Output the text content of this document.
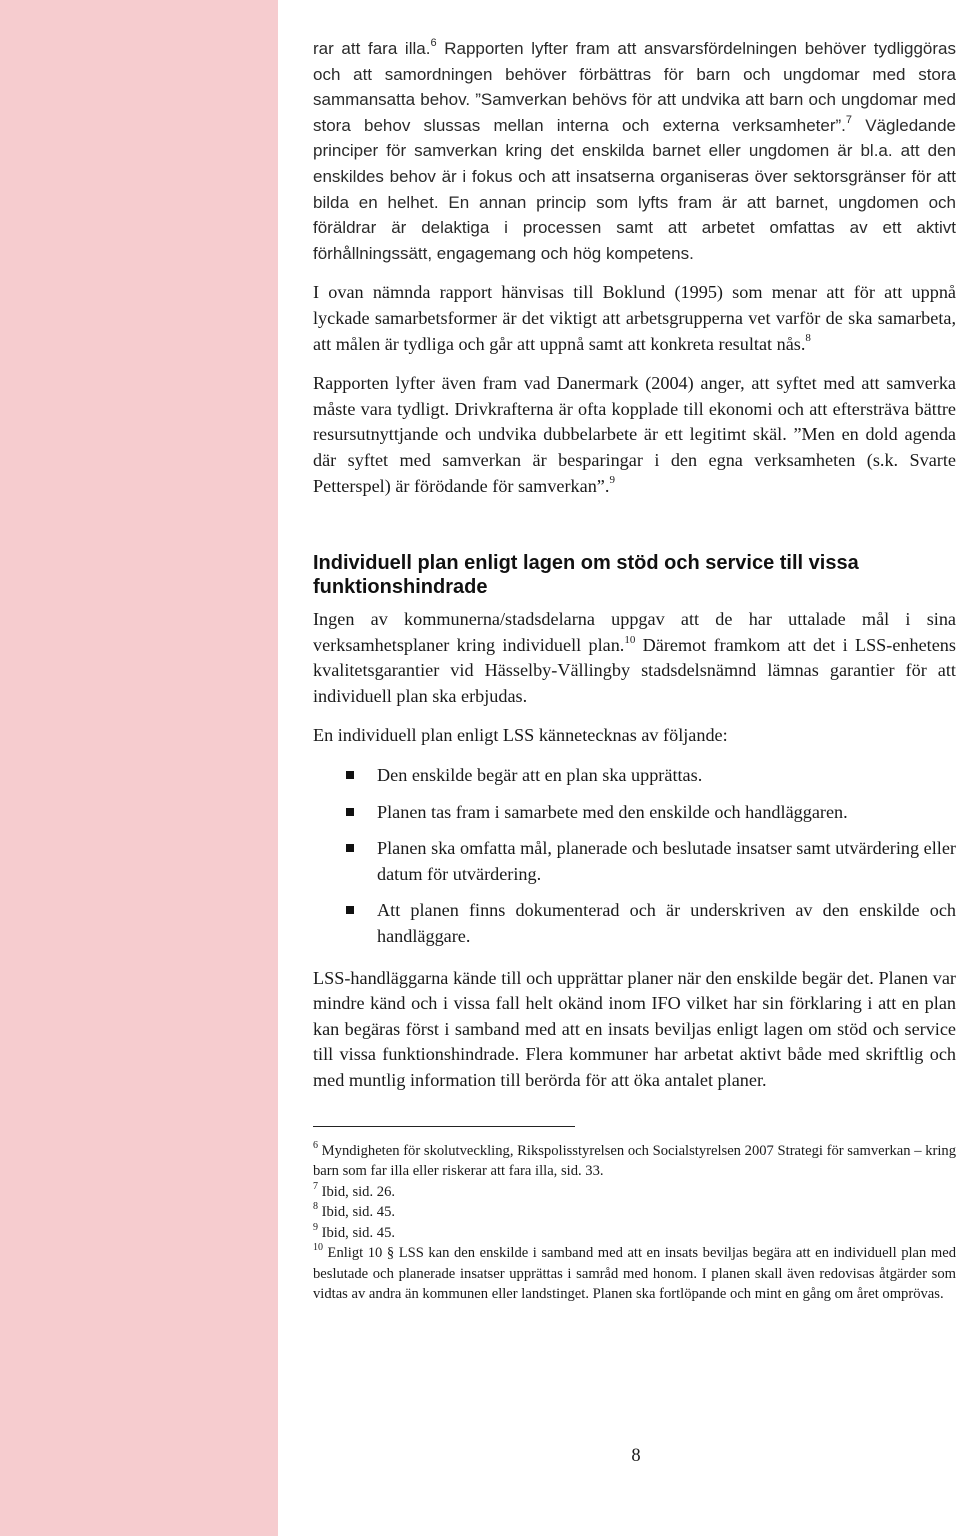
rar att fara illa.$^6$ Rapporten lyfter fram att ansvarsfördelningen behöver tydliggöras och att samordningen behöver förbättras för barn och ungdomar med stora sammansatta behov. ”Samverkan behövs för att undvika att barn och ungdomar med stora behov slussas mellan interna och externa verksamheter”.$^7$ Vägledande principer för samverkan kring det enskilda barnet eller ungdomen är bl.a. att den enskildes behov är i fokus och att insatserna organiseras över sektorsgränser för att bilda en helhet. En annan princip som lyfts fram är att barnet, ungdomen och föräldrar är delaktiga i processen samt att arbetet omfattas av ett aktivt förhållningssätt, engagemang och hög kompetens.

I ovan nämnda rapport hänvisas till Boklund (1995) som menar att för att uppnå lyckade samarbetsformer är det viktigt att arbetsgrupperna vet varför de ska samarbeta, att målen är tydliga och går att uppnå samt att konkreta resultat nås.$^8$

Rapporten lyfter även fram vad Danermark (2004) anger, att syftet med att samverka måste vara tydligt. Drivkrafterna är ofta kopplade till ekonomi och att eftersträva bättre resursutnyttjande och undvika dubbelarbete är ett legitimt skäl. ”Men en dold agenda där syftet med samverkan är besparingar i den egna verksamheten (s.k. Svarte Petterspel) är förödande för samverkan”.$^9$

Individuell plan enligt lagen om stöd och service till vissa funktionshindrade

Ingen av kommunerna/stadsdelarna uppgav att de har uttalade mål i sina verksamhetsplaner kring individuell plan.$^{10}$ Däremot framkom att det i LSS-enhetens kvalitetsgarantier vid Hässelby-Vällingby stadsdelsnämnd lämnas garantier för att individuell plan ska erbjudas.

En individuell plan enligt LSS kännetecknas av följande:

Den enskilde begär att en plan ska upprättas.
Planen tas fram i samarbete med den enskilde och handläggaren.
Planen ska omfatta mål, planerade och beslutade insatser samt utvärdering eller datum för utvärdering.
Att planen finns dokumenterad och är underskriven av den enskilde och handläggare.

LSS-handläggarna kände till och upprättar planer när den enskilde begär det. Planen var mindre känd och i vissa fall helt okänd inom IFO vilket har sin förklaring i att en plan kan begäras först i samband med att en insats beviljas enligt lagen om stöd och service till vissa funktionshindrade. Flera kommuner har arbetat aktivt både med skriftlig och med muntlig information till berörda för att öka antalet planer.

$^6$ Myndigheten för skolutveckling, Rikspolisstyrelsen och Socialstyrelsen 2007 Strategi för samverkan – kring barn som far illa eller riskerar att fara illa, sid. 33.

$^7$ Ibid, sid. 26.

$^8$ Ibid, sid. 45.

$^9$ Ibid, sid. 45.

$^{10}$ Enligt 10 § LSS kan den enskilde i samband med att en insats beviljas begära att en individuell plan med beslutade och planerade insatser upprättas i samråd med honom. I planen skall även redovisas åtgärder som vidtas av andra än kommunen eller landstinget. Planen ska fortlöpande och mint en gång om året omprövas.

8
